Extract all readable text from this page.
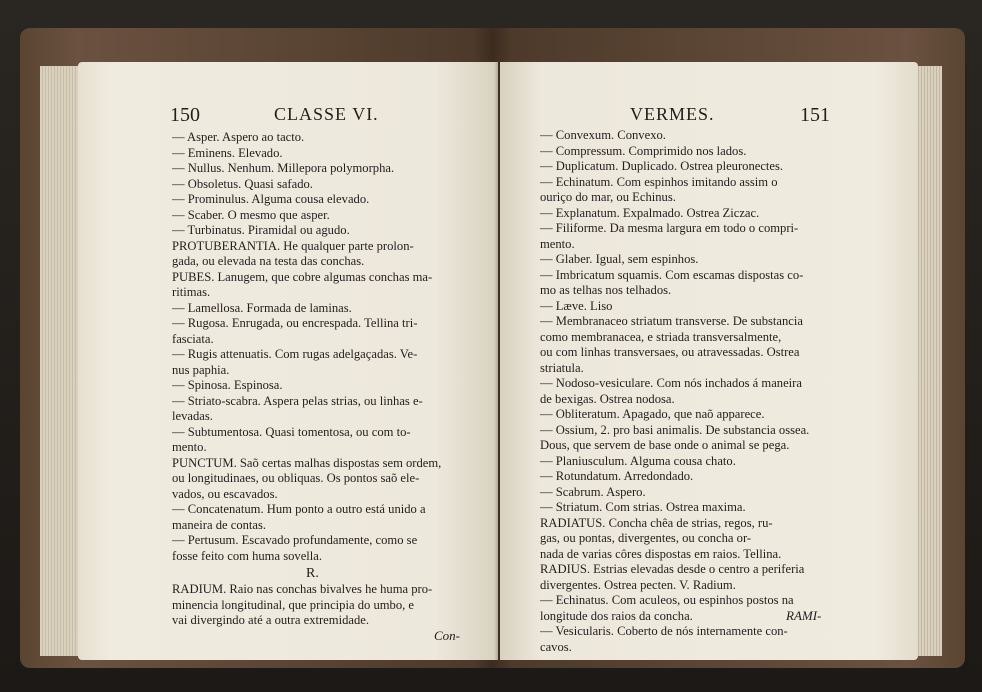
150	CLASSE VI.
— Asper. Aspero ao tacto.
— Eminens. Elevado.
— Nullus. Nenhum. Millepora polymorpha.
— Obsoletus. Quasi safado.
— Prominulus. Alguma cousa elevado.
— Scaber. O mesmo que asper.
— Turbinatus. Piramidal ou agudo.
PROTUBERANTIA. He qualquer parte prolon-
gada, ou elevada na testa das conchas.
PUBES. Lanugem, que cobre algumas conchas ma-
ritimas.
— Lamellosa. Formada de laminas.
— Rugosa. Enrugada, ou encrespada. Tellina tri-
fasciata.
— Rugis attenuatis. Com rugas adelgaçadas. Ve-
nus paphia.
— Spinosa. Espinosa.
— Striato-scabra. Aspera pelas strias, ou linhas e-
levadas.
— Subtumentosa. Quasi tomentosa, ou com to-
mento.
PUNCTUM. Saõ certas malhas dispostas sem ordem,
ou longitudinaes, ou obliquas. Os pontos saõ ele-
vados, ou escavados.
— Concatenatum. Hum ponto a outro está unido a
maneira de contas.
— Pertusum. Escavado profundamente, como se
fosse feito com huma sovella.
R.
RADIUM. Raio nas conchas bivalves he huma pro-
minencia longitudinal, que principia do umbo, e
vai divergindo até a outra extremidade.
Con-
VERMES.	151
— Convexum. Convexo.
— Compressum. Comprimido nos lados.
— Duplicatum. Duplicado. Ostrea pleuronectes.
— Echinatum. Com espinhos imitando assim o
ouriço do mar, ou Echinus.
— Explanatum. Expalmado. Ostrea Ziczac.
— Filiforme. Da mesma largura em todo o compri-
mento.
— Glaber. Igual, sem espinhos.
— Imbricatum squamis. Com escamas dispostas co-
mo as telhas nos telhados.
— Læve. Liso
— Membranaceo striatum transverse. De substancia
como membranacea, e striada transversalmente,
ou com linhas transversaes, ou atravessadas. Ostrea
striatula.
— Nodoso-vesiculare. Com nós inchados á maneira
de bexigas. Ostrea nodosa.
— Obliteratum. Apagado, que naõ apparece.
— Ossium, 2. pro basi animalis. De substancia ossea.
Dous, que servem de base onde o animal se pega.
— Planiusculum. Alguma cousa chato.
— Rotundatum. Arredondado.
— Scabrum. Aspero.
— Striatum. Com strias. Ostrea maxima.
RADIATUS. Concha chêa de strias, regos, ru-
gas, ou pontas, divergentes, ou concha or-
nada de varias côres dispostas em raios. Tellina.
RADIUS. Estrias elevadas desde o centro a periferia
divergentes. Ostrea pecten. V. Radium.
— Echinatus. Com aculeos, ou espinhos postos na
longitude dos raios da concha.
— Vesicularis. Coberto de nós internamente con-
cavos.
RAMI-
